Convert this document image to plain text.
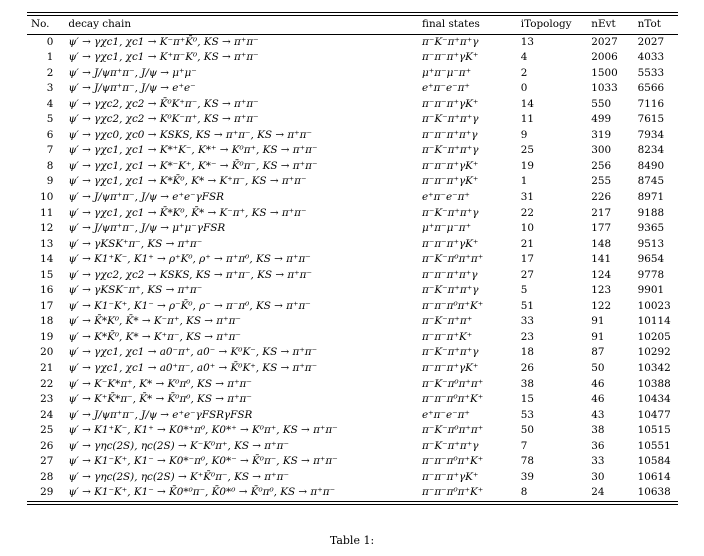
No.	decay chain	final states	iTopology	nEvt	nTot

0	ψ′ → γχc1, χc1 → K⁻π⁺K̄⁰, KS → π⁺π⁻	π⁻K⁻π⁺π⁺γ	13	2027	2027
1	ψ′ → γχc1, χc1 → K⁺π⁻K⁰, KS → π⁺π⁻	π⁻π⁻π⁺γK⁺	4	2006	4033
2	ψ′ → J/ψπ⁺π⁻, J/ψ → μ⁺μ⁻	μ⁺π⁻μ⁻π⁺	2	1500	5533
3	ψ′ → J/ψπ⁺π⁻, J/ψ → e⁺e⁻	e⁺π⁻e⁻π⁺	0	1033	6566
4	ψ′ → γχc2, χc2 → K̄⁰K⁺π⁻, KS → π⁺π⁻	π⁻π⁻π⁺γK⁺	14	550	7116
5	ψ′ → γχc2, χc2 → K⁰K⁻π⁺, KS → π⁺π⁻	π⁻K⁻π⁺π⁺γ	11	499	7615
6	ψ′ → γχc0, χc0 → KSKS, KS → π⁺π⁻, KS → π⁺π⁻	π⁻π⁻π⁺π⁺γ	9	319	7934
7	ψ′ → γχc1, χc1 → K*⁺K⁻, K*⁺ → K⁰π⁺, KS → π⁺π⁻	π⁻K⁻π⁺π⁺γ	25	300	8234
8	ψ′ → γχc1, χc1 → K*⁻K⁺, K*⁻ → K̄⁰π⁻, KS → π⁺π⁻	π⁻π⁻π⁺γK⁺	19	256	8490
9	ψ′ → γχc1, χc1 → K*K̄⁰, K* → K⁺π⁻, KS → π⁺π⁻	π⁻π⁻π⁺γK⁺	1	255	8745
10	ψ′ → J/ψπ⁺π⁻, J/ψ → e⁺e⁻γFSR	e⁺π⁻e⁻π⁺	31	226	8971
11	ψ′ → γχc1, χc1 → K̄*K⁰, K̄* → K⁻π⁺, KS → π⁺π⁻	π⁻K⁻π⁺π⁺γ	22	217	9188
12	ψ′ → J/ψπ⁺π⁻, J/ψ → μ⁺μ⁻γFSR	μ⁺π⁻μ⁻π⁺	10	177	9365
13	ψ′ → γKSK⁺π⁻, KS → π⁺π⁻	π⁻π⁻π⁺γK⁺	21	148	9513
14	ψ′ → K1⁺K⁻, K1⁺ → ρ⁺K⁰, ρ⁺ → π⁺π⁰, KS → π⁺π⁻	π⁻K⁻π⁰π⁺π⁺	17	141	9654
15	ψ′ → γχc2, χc2 → KSKS, KS → π⁺π⁻, KS → π⁺π⁻	π⁻π⁻π⁺π⁺γ	27	124	9778
16	ψ′ → γKSK⁻π⁺, KS → π⁺π⁻	π⁻K⁻π⁺π⁺γ	5	123	9901
17	ψ′ → K1⁻K⁺, K1⁻ → ρ⁻K̄⁰, ρ⁻ → π⁻π⁰, KS → π⁺π⁻	π⁻π⁻π⁰π⁺K⁺	51	122	10023
18	ψ′ → K̄*K⁰, K̄* → K⁻π⁺, KS → π⁺π⁻	π⁻K⁻π⁺π⁺	33	91	10114
19	ψ′ → K*K̄⁰, K* → K⁺π⁻, KS → π⁺π⁻	π⁻π⁻π⁺K⁺	23	91	10205
20	ψ′ → γχc1, χc1 → a0⁻π⁺, a0⁻ → K⁰K⁻, KS → π⁺π⁻	π⁻K⁻π⁺π⁺γ	18	87	10292
21	ψ′ → γχc1, χc1 → a0⁺π⁻, a0⁺ → K̄⁰K⁺, KS → π⁺π⁻	π⁻π⁻π⁺γK⁺	26	50	10342
22	ψ′ → K⁻K*π⁺, K* → K⁰π⁰, KS → π⁺π⁻	π⁻K⁻π⁰π⁺π⁺	38	46	10388
23	ψ′ → K⁺K̄*π⁻, K̄* → K̄⁰π⁰, KS → π⁺π⁻	π⁻π⁻π⁰π⁺K⁺	15	46	10434
24	ψ′ → J/ψπ⁺π⁻, J/ψ → e⁺e⁻γFSRγFSR	e⁺π⁻e⁻π⁺	53	43	10477
25	ψ′ → K1⁺K⁻, K1⁺ → K0*⁺π⁰, K0*⁺ → K⁰π⁺, KS → π⁺π⁻	π⁻K⁻π⁰π⁺π⁺	50	38	10515
26	ψ′ → γηc(2S), ηc(2S) → K⁻K⁰π⁺, KS → π⁺π⁻	π⁻K⁻π⁺π⁺γ	7	36	10551
27	ψ′ → K1⁻K⁺, K1⁻ → K0*⁻π⁰, K0*⁻ → K̄⁰π⁻, KS → π⁺π⁻	π⁻π⁻π⁰π⁺K⁺	78	33	10584
28	ψ′ → γηc(2S), ηc(2S) → K⁺K̄⁰π⁻, KS → π⁺π⁻	π⁻π⁻π⁺γK⁺	39	30	10614
29	ψ′ → K1⁻K⁺, K1⁻ → K̄0*⁰π⁻, K̄0*⁰ → K̄⁰π⁰, KS → π⁺π⁻	π⁻π⁻π⁰π⁺K⁺	8	24	10638
Table 1:
